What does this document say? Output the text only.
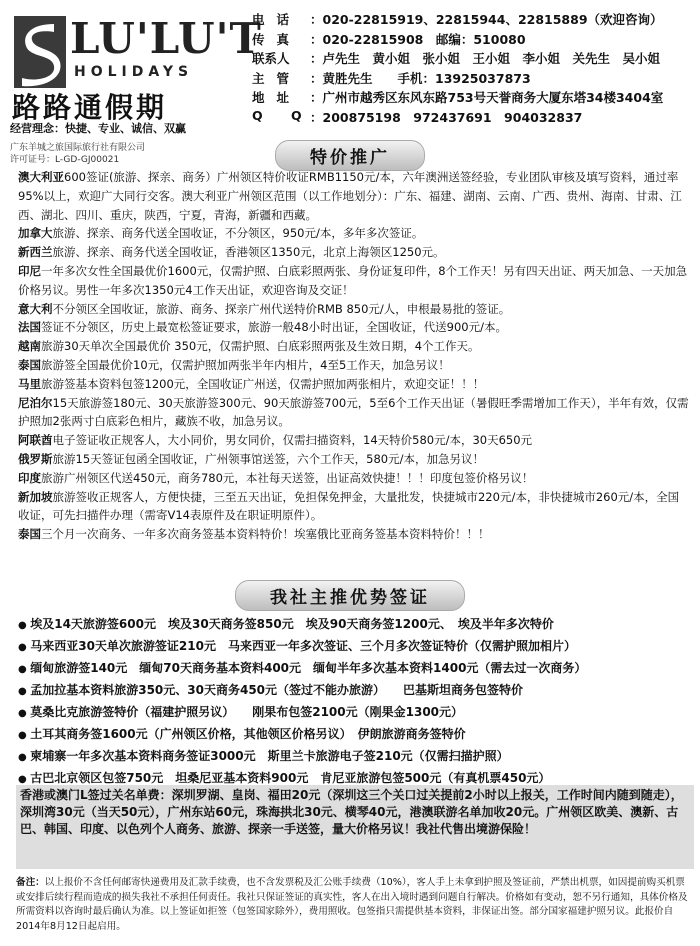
LU'LU'T
HOLIDAYS
路路通假期
经营理念：快捷、专业、诚信、双赢
广东羊城之旅国际旅行社有限公司
许可证号：L-GD-GJ00021
电话 ：020-22815919、22815944、22815889（欢迎咨询）
传真 ：020-22815908　邮编：510080
联系人	：卢先生　黄小姐　张小姐　王小姐　李小姐　关先生　吴小姐
主管 ：黄胜先生　　手机：13925037873
地址 ：广州市越秀区东风东路753号天誉商务大厦东塔34楼3404室
Q Q
：200875198　972437691　904032837
特价推广
澳大利亚600签证(旅游、探亲、商务）广州领区特价收证RMB1150元/本，六年澳洲送签经验，专业团队审核及填写资料，通过率95%以上，欢迎广大同行交客。澳大利亚广州领区范围（以工作地划分）：广东、福建、湖南、云南、广西、贵州、海南、甘肃、江西、湖北、四川、重庆，陕西，宁夏，青海，新疆和西藏。
加拿大旅游、探亲、商务代送全国收证，不分领区，950元/本，多年多次签证。
新西兰旅游、探亲、商务代送全国收证，香港领区1350元，北京上海领区1250元。
印尼一年多次女性全国最优价1600元，仅需护照、白底彩照两张、身份证复印件，8个工作天！另有四天出证、两天加急、一天加急价格另议。男性一年多次1350元4工作天出证，欢迎咨询及交证！
意大利不分领区全国收证，旅游、商务、探亲广州代送特价RMB 850元/人，申根最易批的签证。
法国签证不分领区，历史上最宽松签证要求，旅游一般48小时出证，全国收证，代送900元/本。
越南旅游30天单次全国最优价 350元，仅需护照、白底彩照两张及生效日期，4个工作天。
泰国旅游签全国最优价10元，仅需护照加两张半年内相片，4至5工作天，加急另议！
马里旅游签基本资料包签1200元，全国收证广州送，仅需护照加两张相片，欢迎交证！！！
尼泊尔15天旅游签180元、30天旅游签300元、90天旅游签700元，5至6个工作天出证（暑假旺季需增加工作天），半年有效，仅需护照加2张两寸白底彩色相片，藏族不收，加急另议。
阿联酋电子签证收正规客人，大小同价，男女同价，仅需扫描资料，14天特价580元/本，30天650元
俄罗斯旅游15天签证包函全国收证，广州领事馆送签，六个工作天，580元/本，加急另议！
印度旅游广州领区代送450元，商务780元，本社每天送签，出证高效快捷！！！印度包签价格另议！
新加坡旅游签收正规客人，方便快捷，三至五天出证，免担保免押金，大量批发，快捷城市220元/本，非快捷城市260元/本，全国收证，可先扫描件办理（需寄V14表原件及在职证明原件）。
泰国三个月一次商务、一年多次商务签基本资料特价！埃塞俄比亚商务签基本资料特价！！！
我社主推优势签证
● 埃及14天旅游签600元　埃及30天商务签850元　埃及90天商务签1200元、　埃及半年多次特价
● 马来西亚30天单次旅游签证210元　马来西亚一年多次签证、三个月多次签证特价（仅需护照加相片）
● 缅甸旅游签140元　缅甸70天商务基本资料400元　缅甸半年多次基本资料1400元（需去过一次商务）
● 孟加拉基本资料旅游350元、30天商务450元（签过不能办旅游）　　巴基斯坦商务包签特价
● 莫桑比克旅游签特价（福建护照另议）　　刚果布包签2100元（刚果金1300元）
● 土耳其商务签1600元（广州领区价格，其他领区价格另议）　伊朗旅游商务签特价
● 柬埔寨一年多次基本资料商务签证3000元　斯里兰卡旅游电子签210元（仅需扫描护照）
● 古巴北京领区包签750元　坦桑尼亚基本资料900元　肯尼亚旅游包签500元（有真机票450元）
香港或澳门L签过关名单费：深圳罗湖、皇岗、福田20元（深圳这三个关口过关提前2小时以上报关，工作时间内随到随走），深圳湾30元（当天50元），广州东站60元，珠海拱北30元、横琴40元，港澳联游名单加收20元。广州领区欧美、澳新、古巴、韩国、印度、以色列个人商务、旅游、探亲一手送签，量大价格另议！我社代售出境游保险！
备注：以上报价不含任何邮寄快递费用及汇款手续费，也不含发票税及汇公账手续费（10%），客人手上未拿到护照及签证前，严禁出机票，如因提前购买机票或安排后续行程而造成的损失我社不承担任何责任。我社只保证签证的真实性，客人在出入境时遇到问题自行解决。价格如有变动，恕不另行通知，具体价格及所需资料以咨询时最后确认为准。以上签证如拒签（包签国家除外），费用照收。包签指只需提供基本资料，非保证出签。部分国家福建护照另议。此报价自2014年8月12日起启用。
